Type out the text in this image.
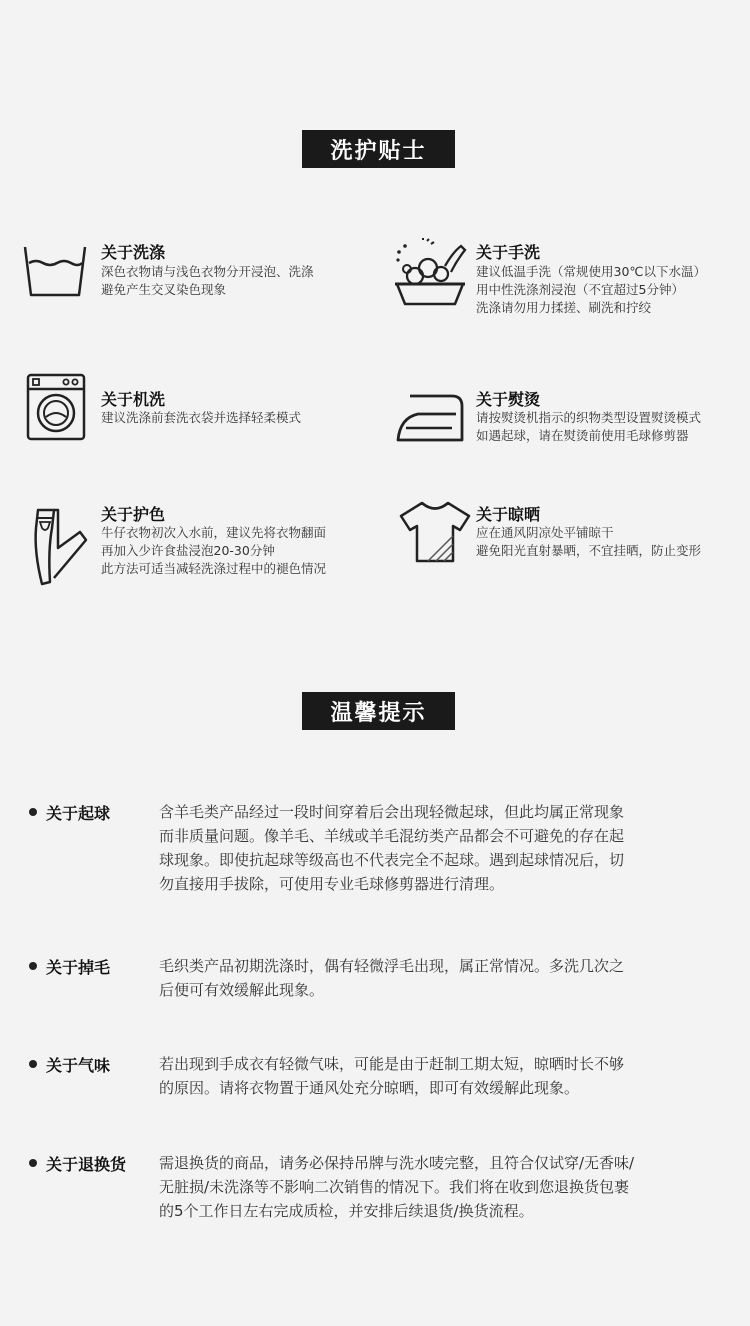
洗护贴士
关于洗涤
深色衣物请与浅色衣物分开浸泡、洗涤
避免产生交叉染色现象
关于手洗
建议低温手洗（常规使用30℃以下水温）
用中性洗涤剂浸泡（不宜超过5分钟）
洗涤请勿用力揉搓、刷洗和拧绞
关于机洗
建议洗涤前套洗衣袋并选择轻柔模式
关于熨烫
请按熨烫机指示的织物类型设置熨烫模式
如遇起球，请在熨烫前使用毛球修剪器
关于护色
牛仔衣物初次入水前，建议先将衣物翻面
再加入少许食盐浸泡20-30分钟
此方法可适当减轻洗涤过程中的褪色情况
关于晾晒
应在通风阴凉处平铺晾干
避免阳光直射暴晒，不宜挂晒，防止变形
温馨提示
关于起球	含羊毛类产品经过一段时间穿着后会出现轻微起球，但此均属正常现象
而非质量问题。像羊毛、羊绒或羊毛混纺类产品都会不可避免的存在起
球现象。即使抗起球等级高也不代表完全不起球。遇到起球情况后，切
勿直接用手拔除，可使用专业毛球修剪器进行清理。
关于掉毛	毛织类产品初期洗涤时，偶有轻微浮毛出现，属正常情况。多洗几次之
后便可有效缓解此现象。
关于气味	若出现到手成衣有轻微气味，可能是由于赶制工期太短，晾晒时长不够
的原因。请将衣物置于通风处充分晾晒，即可有效缓解此现象。
关于退换货 需退换货的商品，请务必保持吊牌与洗水唛完整，且符合仅试穿/无香味/
无脏损/未洗涤等不影响二次销售的情况下。我们将在收到您退换货包裹
的5个工作日左右完成质检，并安排后续退货/换货流程。
